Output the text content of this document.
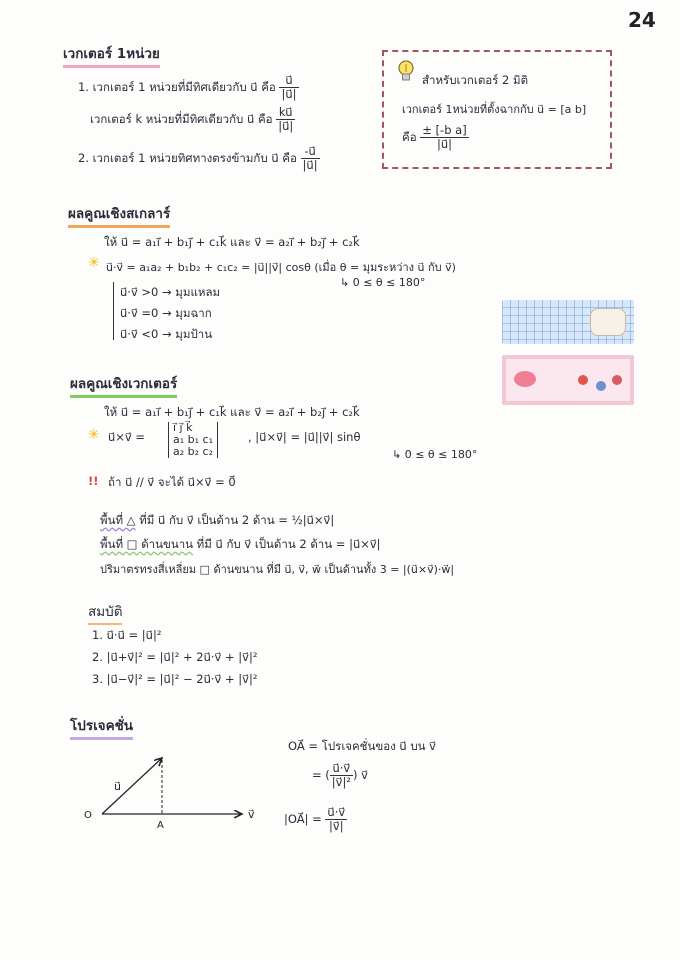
24
เวกเตอร์ 1หน่วย
1. เวกเตอร์ 1 หน่วยที่มีทิศเดียวกับ u⃗ คือ $\frac{u⃗}{|u⃗|}$
เวกเตอร์ k หน่วยที่มีทิศเดียวกับ u⃗ คือ $\frac{ku⃗}{|u⃗|}$
2. เวกเตอร์ 1 หน่วยทิศทางตรงข้ามกับ u⃗ คือ $\frac{-u⃗}{|u⃗|}$
สำหรับเวกเตอร์ 2 มิติ
เวกเตอร์ 1หน่วยที่ตั้งฉากกับ u⃗ = [a b]
คือ $\frac{\text{± [-b a]}}{|u⃗|}$
ผลคูณเชิงสเกลาร์
ให้ u⃗ = a₁i⃗ + b₁j⃗ + c₁k⃗ และ v⃗ = a₂i⃗ + b₂j⃗ + c₂k⃗
✳ u⃗·v⃗ = a₁a₂ + b₁b₂ + c₁c₂ = |u⃗||v⃗| cosθ (เมื่อ θ = มุมระหว่าง u⃗ กับ v⃗)
↳ 0 ≤ θ ≤ 180°
u⃗·v⃗ >0 → มุมแหลม
u⃗·v⃗ =0 → มุมฉาก
u⃗·v⃗ <0 → มุมป้าน
ผลคูณเชิงเวกเตอร์
ให้ u⃗ = a₁i⃗ + b₁j⃗ + c₁k⃗ และ v⃗ = a₂i⃗ + b₂j⃗ + c₂k⃗
✳ u⃗×v⃗ =
i⃗ j⃗ k⃗
a₁ b₁ c₁
a₂ b₂ c₂
, |u⃗×v⃗| = |u⃗||v⃗| sinθ
↳ 0 ≤ θ ≤ 180°
!! ถ้า u⃗ // v⃗ จะได้ u⃗×v⃗ = 0⃗
พื้นที่ △ ที่มี u⃗ กับ v⃗ เป็นด้าน 2 ด้าน = ½|u⃗×v⃗|
พื้นที่ □ ด้านขนาน ที่มี u⃗ กับ v⃗ เป็นด้าน 2 ด้าน = |u⃗×v⃗|
ปริมาตรทรงสี่เหลี่ยม □ ด้านขนาน ที่มี u⃗, v⃗, w⃗ เป็นด้านทั้ง 3 = |(u⃗×v⃗)·w⃗|
สมบัติ
1. u⃗·u⃗ = |u⃗|²
2. |u⃗+v⃗|² = |u⃗|² + 2u⃗·v⃗ + |v⃗|²
3. |u⃗−v⃗|² = |u⃗|² − 2u⃗·v⃗ + |v⃗|²
โปรเจคชั่น
O
A
u⃗
v⃗
OA⃗ = โปรเจคชั่นของ u⃗ บน v⃗
= ( $\frac{u⃗\cdot v⃗}{\text{|v⃗|²}}$ ) v⃗
|OA⃗| = $\frac{u⃗\cdot v⃗}{|v⃗|}$
